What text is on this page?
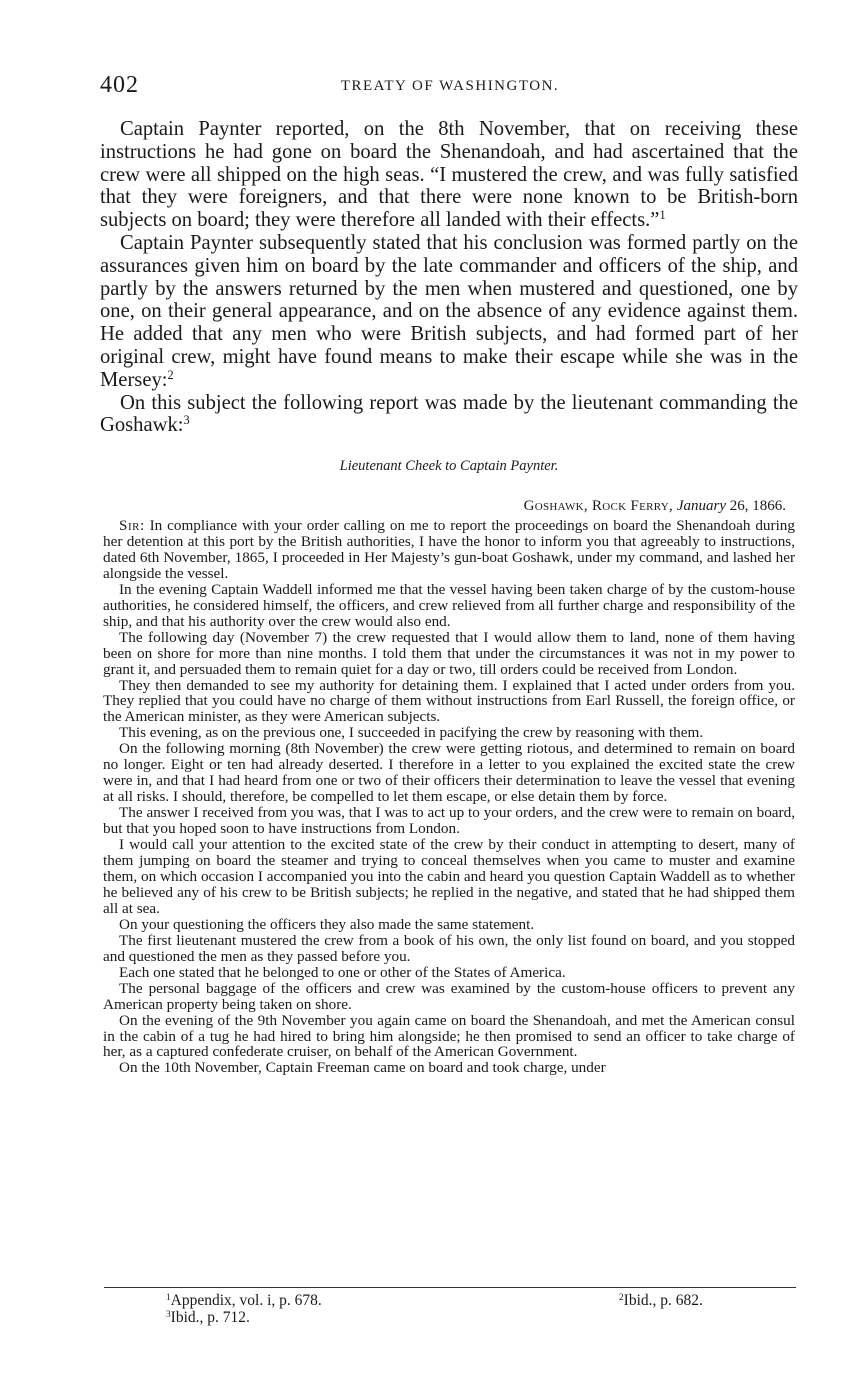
402	TREATY OF WASHINGTON.

Captain Paynter reported, on the 8th November, that on receiving these instructions he had gone on board the Shenandoah, and had ascertained that the crew were all shipped on the high seas. “I mustered the crew, and was fully satisfied that they were foreigners, and that there were none known to be British-born subjects on board; they were therefore all landed with their effects.”$^1$

Captain Paynter subsequently stated that his conclusion was formed partly on the assurances given him on board by the late commander and officers of the ship, and partly by the answers returned by the men when mustered and questioned, one by one, on their general appearance, and on the absence of any evidence against them. He added that any men who were British subjects, and had formed part of her original crew, might have found means to make their escape while she was in the Mersey:$^2$

On this subject the following report was made by the lieutenant commanding the Goshawk:$^3$

Lieutenant Cheek to Captain Paynter.
Goshawk, Rock Ferry, January 26, 1866.

Sir: In compliance with your order calling on me to report the proceedings on board the Shenandoah during her detention at this port by the British authorities, I have the honor to inform you that agreeably to instructions, dated 6th November, 1865, I proceeded in Her Majesty’s gun-boat Goshawk, under my command, and lashed her alongside the vessel.

In the evening Captain Waddell informed me that the vessel having been taken charge of by the custom-house authorities, he considered himself, the officers, and crew relieved from all further charge and responsibility of the ship, and that his authority over the crew would also end.

The following day (November 7) the crew requested that I would allow them to land, none of them having been on shore for more than nine months. I told them that under the circumstances it was not in my power to grant it, and persuaded them to remain quiet for a day or two, till orders could be received from London.

They then demanded to see my authority for detaining them. I explained that I acted under orders from you. They replied that you could have no charge of them without instructions from Earl Russell, the foreign office, or the American minister, as they were American subjects.

This evening, as on the previous one, I succeeded in pacifying the crew by reasoning with them.

On the following morning (8th November) the crew were getting riotous, and determined to remain on board no longer. Eight or ten had already deserted. I therefore in a letter to you explained the excited state the crew were in, and that I had heard from one or two of their officers their determination to leave the vessel that evening at all risks. I should, therefore, be compelled to let them escape, or else detain them by force.

The answer I received from you was, that I was to act up to your orders, and the crew were to remain on board, but that you hoped soon to have instructions from London.

I would call your attention to the excited state of the crew by their conduct in attempting to desert, many of them jumping on board the steamer and trying to conceal themselves when you came to muster and examine them, on which occasion I accompanied you into the cabin and heard you question Captain Waddell as to whether he believed any of his crew to be British subjects; he replied in the negative, and stated that he had shipped them all at sea.

On your questioning the officers they also made the same statement.

The first lieutenant mustered the crew from a book of his own, the only list found on board, and you stopped and questioned the men as they passed before you.

Each one stated that he belonged to one or other of the States of America.

The personal baggage of the officers and crew was examined by the custom-house officers to prevent any American property being taken on shore.

On the evening of the 9th November you again came on board the Shenandoah, and met the American consul in the cabin of a tug he had hired to bring him alongside; he then promised to send an officer to take charge of her, as a captured confederate cruiser, on behalf of the American Government.

On the 10th November, Captain Freeman came on board and took charge, under

$^1$Appendix, vol. i, p. 678.	$^2$Ibid., p. 682.
$^3$Ibid., p. 712.
